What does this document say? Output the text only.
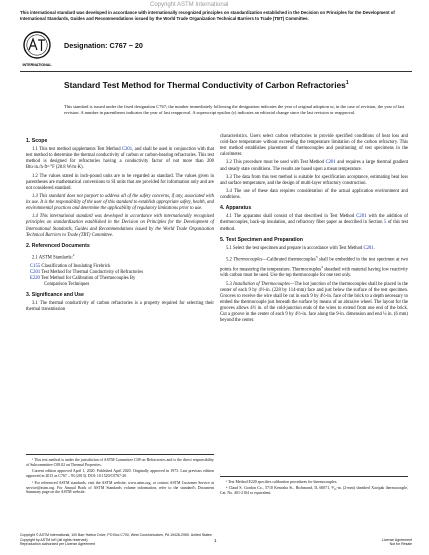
Copyright ASTM International
This international standard was developed in accordance with internationally recognized principles on standardization established in the Decision on Principles for the Development of International Standards, Guides and Recommendations issued by the World Trade Organization Technical Barriers to Trade (TBT) Committee.
INTERNATIONAL
Designation: C767 − 20
Standard Test Method for Thermal Conductivity of Carbon Refractories$^1$
This standard is issued under the fixed designation C767; the number immediately following the designation indicates the year of original adoption or, in the case of revision, the year of last revision. A number in parentheses indicates the year of last reapproval. A superscript epsilon (ε) indicates an editorial change since the last revision or reapproval.
1. Scope

1.1 This test method supplements Test Method C201, and shall be used in conjunction with that test method to determine the thermal conductivity of carbon or carbon-bearing refractories. This test method is designed for refractories having a conductivity factor of not more than 200 Btu·in./h·ft²·°F (28.8 W/m·K).

1.2 The values stated in inch-pound units are to be regarded as standard. The values given in parentheses are mathematical conversions to SI units that are provided for information only and are not considered standard.

1.3 This standard does not purport to address all of the safety concerns, if any, associated with its use. It is the responsibility of the user of this standard to establish appropriate safety, health, and environmental practices and determine the applicability of regulatory limitations prior to use.

1.4 This international standard was developed in accordance with internationally recognized principles on standardization established in the Decision on Principles for the Development of International Standards, Guides and Recommendations issued by the World Trade Organization Technical Barriers to Trade (TBT) Committee.

2. Referenced Documents

2.1 ASTM Standards:$^2$

C155 Classification of Insulating Firebrick

C201 Test Method for Thermal Conductivity of Refractories

E220 Test Method for Calibration of Thermocouples By

Comparison Techniques

3. Significance and Use

3.1 The thermal conductivity of carbon refractories is a property required for selecting their thermal transmission

characteristics. Users select carbon refractories to provide specified conditions of heat loss and cold-face temperature without exceeding the temperature limitation of the carbon refractory. This test method establishes placement of thermocouples and positioning of test specimens in the calorimeter.

3.2 This procedure must be used with Test Method C201 and requires a large thermal gradient and steady state conditions. The results are based upon a mean temperature.

3.3 The data from this test method is suitable for specification acceptance, estimating heat loss and surface temperature, and the design of multi-layer refractory construction.

3.4 The use of these data requires consideration of the actual application environment and conditions.

4. Apparatus

4.1 The apparatus shall consist of that described in Test Method C201 with the addition of thermocouples, back-up insulation, and refractory fiber paper as described in Section 5 of this test method.

5. Test Specimen and Preparation

5.1 Select the test specimen and prepare in accordance with Test Method C201.

5.2 Thermocouples—Calibrated thermocouples$^3$ shall be embedded in the test specimen at two points for measuring the temperature. Thermocouples$^4$ sheathed with material having low reactivity with carbon must be used. Use the top thermocouple for one test only.

5.3 Installation of Thermocouples—The hot junction of the thermocouples shall be placed in the center of each 9 by 4½-in. (228 by 114-mm) face and just below the surface of the test specimen. Grooves to receive the wire shall be cut in each 9 by 4½-in. face of the brick to a depth necessary to embed the thermocouple just beneath the surface by means of an abrasive wheel. The layout for the grooves allows 4½ in. of the cold-junction ends of the wires to extend from one end of the brick. Cut a groove in the center of each 9 by 4½-in. face along the 9-in. dimension and end ¼ in. (6 mm) beyond the center.

¹ This test method is under the jurisdiction of ASTM Committee C08 on Refractories and is the direct responsibility of Subcommittee C08.02 on Thermal Properties.

Current edition approved April 1, 2020. Published April 2020. Originally approved in 1973. Last previous edition approved in 2013 as C767 – 93 (2013). DOI: 10.1520/C0767-20.

² For referenced ASTM standards, visit the ASTM website, www.astm.org, or contact ASTM Customer Service at service@astm.org. For Annual Book of ASTM Standards volume information, refer to the standard's Document Summary page on the ASTM website.

³ Test Method E220 specifies calibration procedures for thermocouples.

⁴ Claud S. Gordon Co., 5710 Kenosha St., Richmond, IL 60071, ⅟₁₆-in. (2-mm) sheathed Xactpak thermocouple, Cat. No. 401-2104 or equivalent.

Copyright © ASTM International, 100 Barr Harbor Drive, PO Box C700, West Conshohocken, PA 19428-2959. United States
Copyright by ASTM Int'l (all rights reserved);
Reproduction authorized per License Agreement
1	License Agreement
Not for Resale
